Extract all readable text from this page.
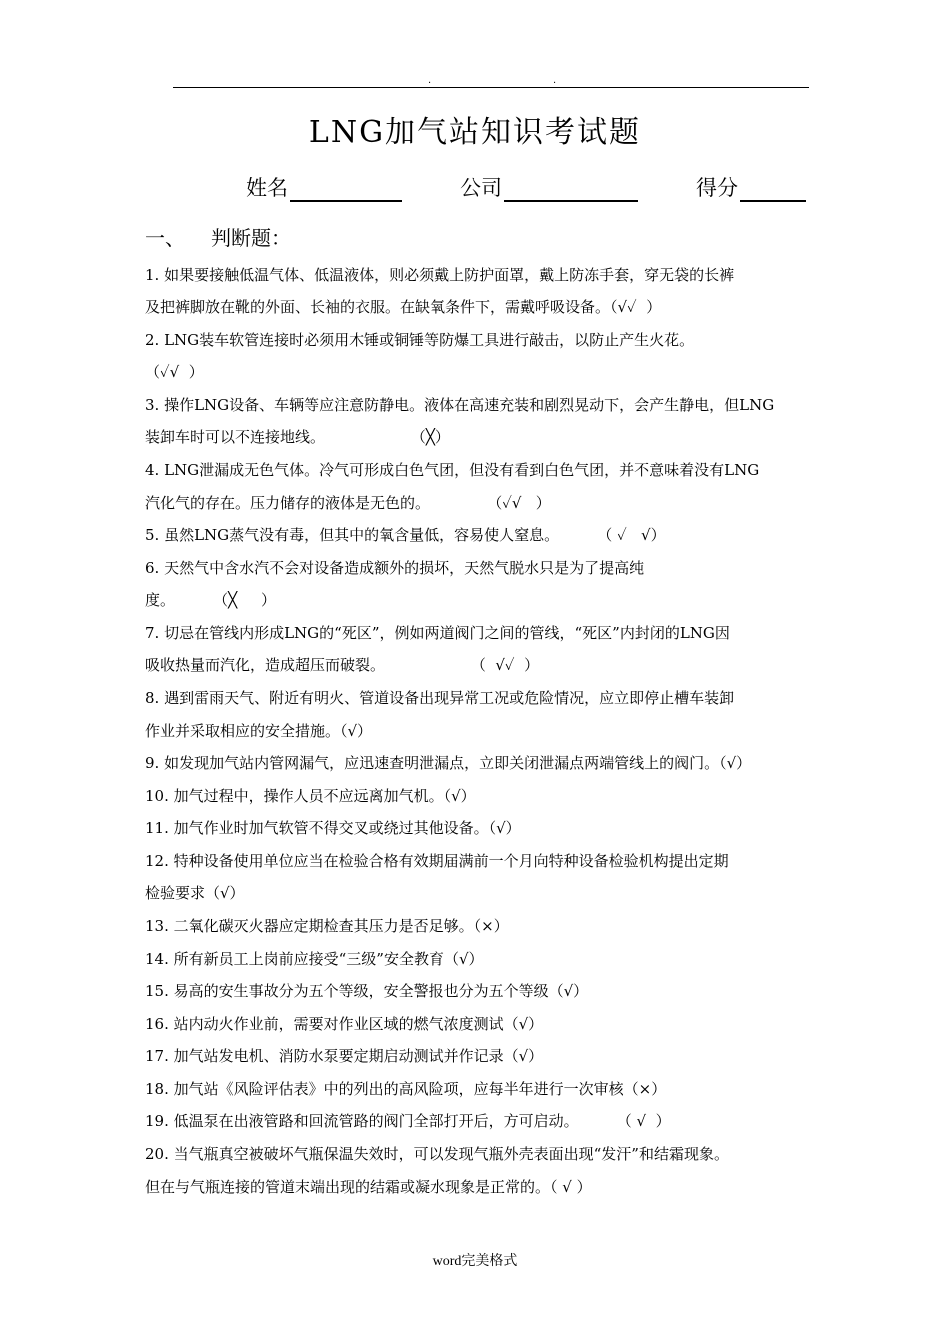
.	.
LNG加气站知识考试题
姓名	公司	得分
一、 判断题：
1. 如果要接触低温气体、低温液体，则必须戴上防护面罩，戴上防冻手套，穿无袋的长裤
及把裤脚放在靴的外面、长袖的衣服。在缺氧条件下，需戴呼吸设备。（√✓  ）
2. LNG装车软管连接时必须用木锤或铜锤等防爆工具进行敲击，以防止产生火花。
（✓√  ）
3. 操作LNG设备、车辆等应注意防静电。液体在高速充装和剧烈晃动下，会产生静电，但LNG
装卸车时可以不连接地线。                  （╳）
4. LNG泄漏成无色气体。冷气可形成白色气团，但没有看到白色气团，并不意味着没有LNG
汽化气的存在。压力储存的液体是无色的。            （✓√   ）
5. 虽然LNG蒸气没有毒，但其中的氧含量低，容易使人窒息。        （ ✓   √）
6. 天然气中含水汽不会对设备造成额外的损坏，天然气脱水只是为了提高纯
度。        （╳     ）
7. 切忌在管线内形成LNG的“死区”，例如两道阀门之间的管线，“死区”内封闭的LNG因
吸收热量而汽化，造成超压而破裂。                  （  √✓  ）
8. 遇到雷雨天气、附近有明火、管道设备出现异常工况或危险情况，应立即停止槽车装卸
作业并采取相应的安全措施。（√）
9. 如发现加气站内管网漏气，应迅速查明泄漏点，立即关闭泄漏点两端管线上的阀门。（√）
10. 加气过程中，操作人员不应远离加气机。（√）
11. 加气作业时加气软管不得交叉或绕过其他设备。（√）
12. 特种设备使用单位应当在检验合格有效期届满前一个月向特种设备检验机构提出定期
检验要求（√）
13. 二氧化碳灭火器应定期检查其压力是否足够。（×）
14. 所有新员工上岗前应接受“三级”安全教育（√）
15. 易高的安生事故分为五个等级，安全警报也分为五个等级（√）
16. 站内动火作业前，需要对作业区域的燃气浓度测试（√）
17. 加气站发电机、消防水泵要定期启动测试并作记录（√）
18. 加气站《风险评估表》中的列出的高风险项，应每半年进行一次审核（×）
19. 低温泵在出液管路和回流管路的阀门全部打开后，方可启动。        （ √  ）
20. 当气瓶真空被破坏气瓶保温失效时，可以发现气瓶外壳表面出现“发汗”和结霜现象。
但在与气瓶连接的管道末端出现的结霜或凝水现象是正常的。（ √ ）
word完美格式
